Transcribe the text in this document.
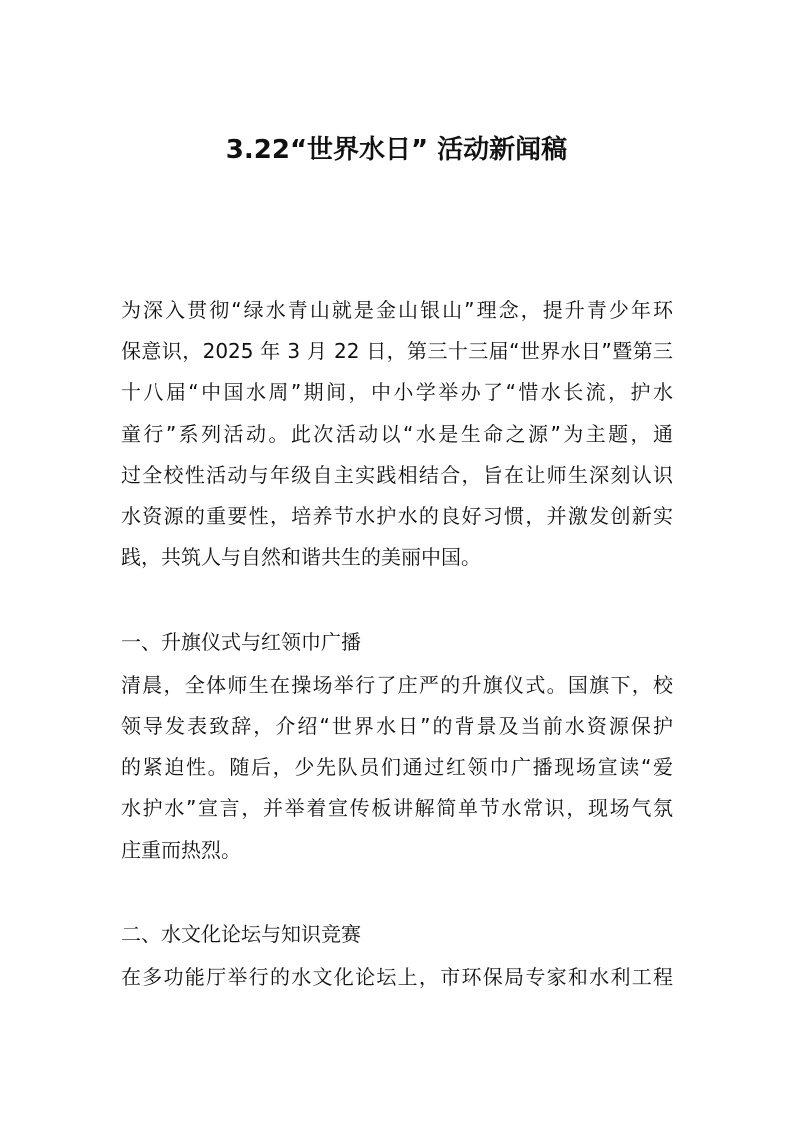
3.22“世界水日” 活动新闻稿
为深入贯彻“绿水青山就是金山银山”理念，提升青少年环
保意识，2025 年 3 月 22 日，第三十三届“世界水日”暨第三
十八届“中国水周”期间，中小学举办了“惜水长流，护水
童行”系列活动。此次活动以“水是生命之源”为主题，通
过全校性活动与年级自主实践相结合，旨在让师生深刻认识
水资源的重要性，培养节水护水的良好习惯，并激发创新实
践，共筑人与自然和谐共生的美丽中国。
一、升旗仪式与红领巾广播
清晨，全体师生在操场举行了庄严的升旗仪式。国旗下，校
领导发表致辞，介绍“世界水日”的背景及当前水资源保护
的紧迫性。随后，少先队员们通过红领巾广播现场宣读“爱
水护水”宣言，并举着宣传板讲解简单节水常识，现场气氛
庄重而热烈。
二、水文化论坛与知识竞赛
在多功能厅举行的水文化论坛上，市环保局专家和水利工程
